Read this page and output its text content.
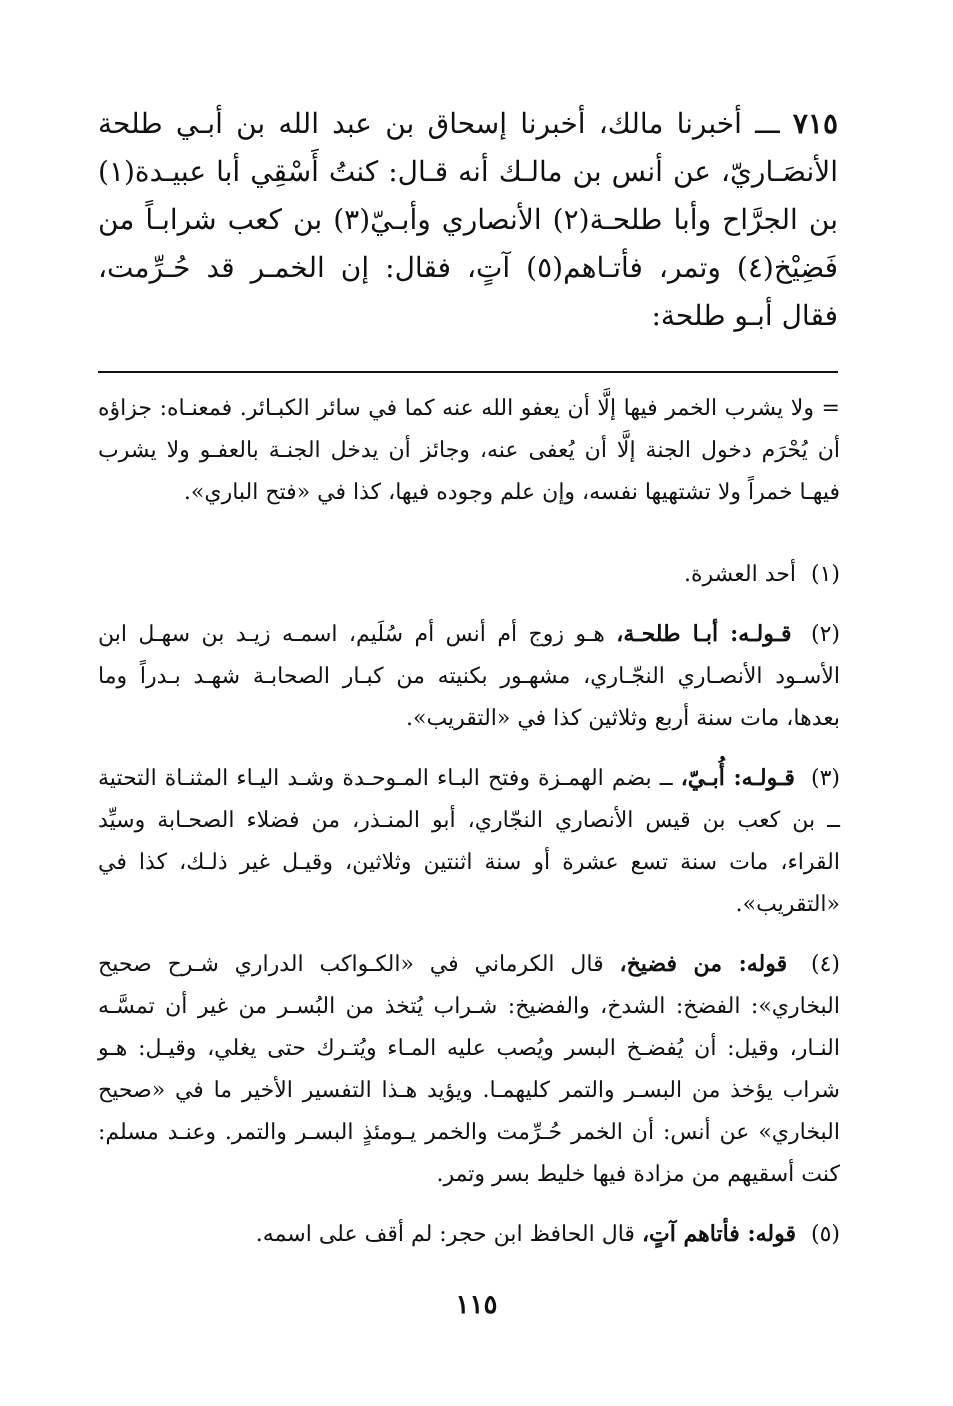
٧١٥ ـــ أخبرنا مالك، أخبرنا إسحاق بن عبد الله بن أبـي طلحة الأنصَـاريّ، عن أنس بن مالـك أنه قـال: كنتُ أَسْقِي أبا عبيـدة(١) بن الجرَّاح وأبا طلحـة(٢) الأنصاري وأبـيّ(٣) بن كعب شرابـاً من فَضِيْخ(٤) وتمر، فأتـاهم(٥) آتٍ، فقال: إن الخمـر قد حُـرِّمت، فقال أبـو طلحة:
= ولا يشرب الخمر فيها إلَّا أن يعفو الله عنه كما في سائر الكبـائر. فمعنـاه: جزاؤه أن يُحْرَم دخول الجنة إلَّا أن يُعفى عنه، وجائز أن يدخل الجنـة بالعفـو ولا يشرب فيهـا خمراً ولا تشتهيها نفسه، وإن علم وجوده فيها، كذا في «فتح الباري».
(١) أحد العشرة.
(٢) قـولـه: أبـا طلحـة، هـو زوج أم أنس أم سُلَيم، اسمـه زيـد بن سهـل ابن الأسـود الأنصـاري النجّـاري، مشهـور بكنيته من كبـار الصحابـة شهـد بـدراً وما بعدها، مات سنة أربع وثلاثين كذا في «التقريب».
(٣) قـولـه: أُبـيّ، ــ بضم الهمـزة وفتح البـاء المـوحـدة وشـد اليـاء المثنـاة التحتية ــ بن كعب بن قيس الأنصاري النجّاري، أبو المنـذر، من فضلاء الصحـابة وسيِّد القراء، مات سنة تسع عشرة أو سنة اثنتين وثلاثين، وقيـل غير ذلـك، كذا في «التقريب».
(٤) قوله: من فضيخ، قال الكرماني في «الكـواكب الدراري شـرح صحيح البخاري»: الفضخ: الشدخ، والفضيخ: شـراب يُتخذ من البُسـر من غير أن تمسَّـه النـار، وقيل: أن يُفضـخ البسر ويُصب عليه المـاء ويُتـرك حتى يغلي، وقيـل: هـو شراب يؤخذ من البسـر والتمر كليهمـا. ويؤيد هـذا التفسير الأخير ما في «صحيح البخاري» عن أنس: أن الخمر حُـرِّمت والخمر يـومئذٍ البسـر والتمر. وعنـد مسلم: كنت أسقيهم من مزادة فيها خليط بسر وتمر.
(٥) قوله: فأتاهم آتٍ، قال الحافظ ابن حجر: لم أقف على اسمه.
١١٥
